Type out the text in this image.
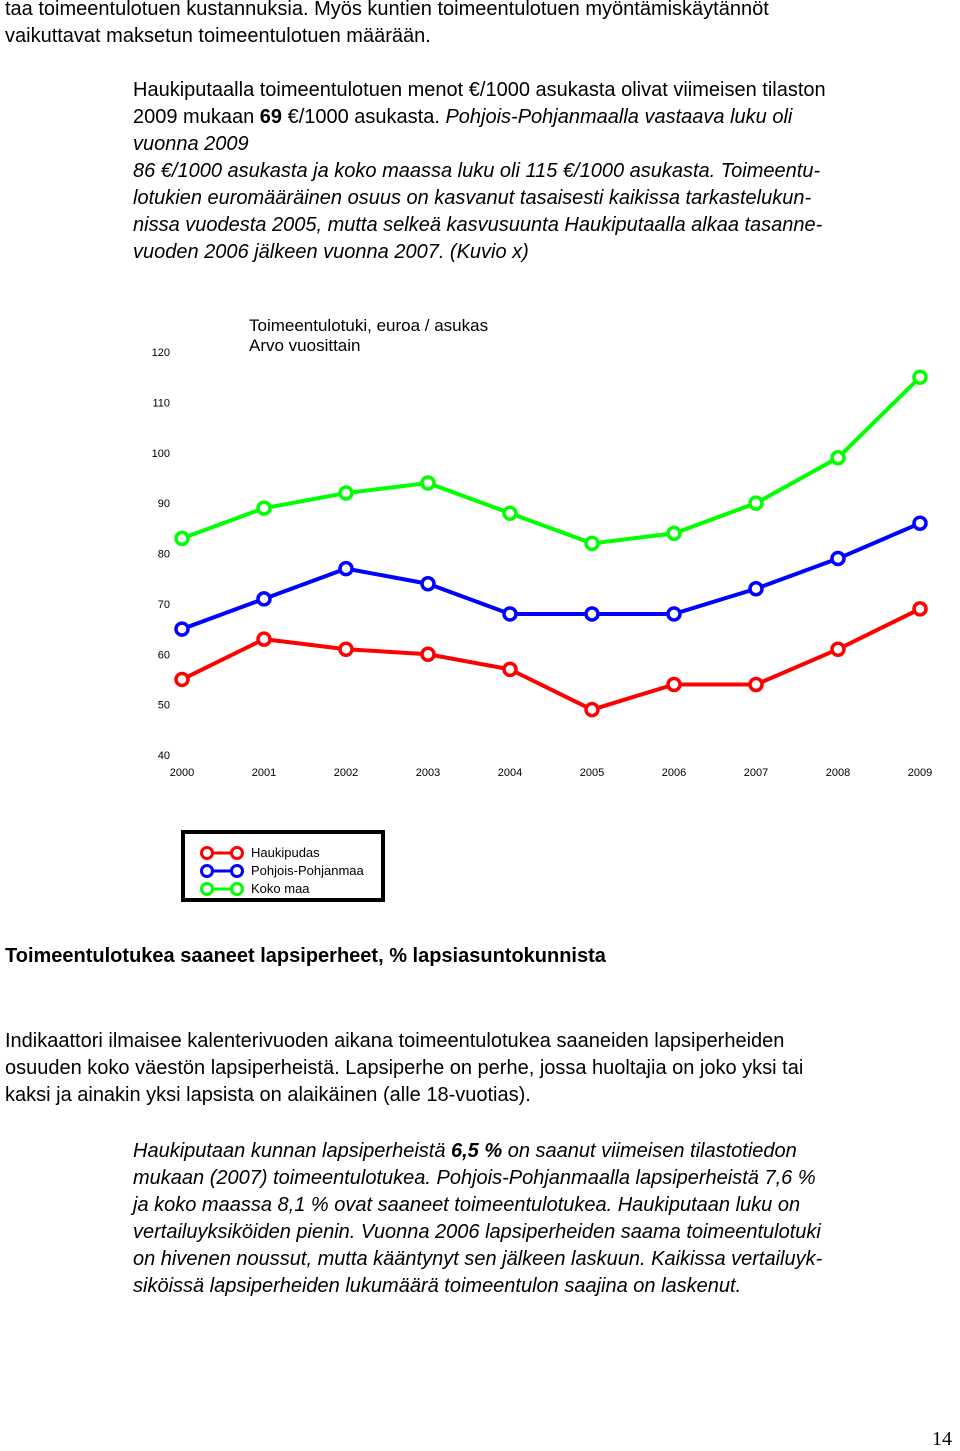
taa toimeentulotuen kustannuksia. Myös kuntien toimeentulotuen myöntämiskäytännöt
vaikuttavat maksetun toimeentulotuen määrään.
Haukiputaalla toimeentulotuen menot €/1000 asukasta olivat viimeisen tilaston
2009 mukaan 69 €/1000 asukasta. Pohjois-Pohjanmaalla vastaava luku oli
vuonna 2009
86 €/1000 asukasta ja koko maassa luku oli 115 €/1000 asukasta. Toimeentu-
lotukien euromääräinen osuus on kasvanut tasaisesti kaikissa tarkastelukun-
nissa vuodesta 2005, mutta selkeä kasvusuunta Haukiputaalla alkaa tasanne-
vuoden 2006 jälkeen vuonna 2007. (Kuvio x)
Toimeentulotuki, euroa / asukas
Arvo vuosittain
120
110
100
90
80
70
60
50
40
2000	2001	2002	2003	2004	2005	2006	2007	2008	2009
Haukipudas
Pohjois-Pohjanmaa
Koko maa
Toimeentulotukea saaneet lapsiperheet, % lapsiasuntokunnista
Indikaattori ilmaisee kalenterivuoden aikana toimeentulotukea saaneiden lapsiperheiden
osuuden koko väestön lapsiperheistä. Lapsiperhe on perhe, jossa huoltajia on joko yksi tai
kaksi ja ainakin yksi lapsista on alaikäinen (alle 18-vuotias).
Haukiputaan kunnan lapsiperheistä 6,5 % on saanut viimeisen tilastotiedon
mukaan (2007) toimeentulotukea. Pohjois-Pohjanmaalla lapsiperheistä 7,6 %
ja koko maassa 8,1 % ovat saaneet toimeentulotukea. Haukiputaan luku on
vertailuyksiköiden pienin. Vuonna 2006 lapsiperheiden saama toimeentulotuki
on hivenen noussut, mutta kääntynyt sen jälkeen laskuun. Kaikissa vertailuyk-
siköissä lapsiperheiden lukumäärä toimeentulon saajina on laskenut.
14
